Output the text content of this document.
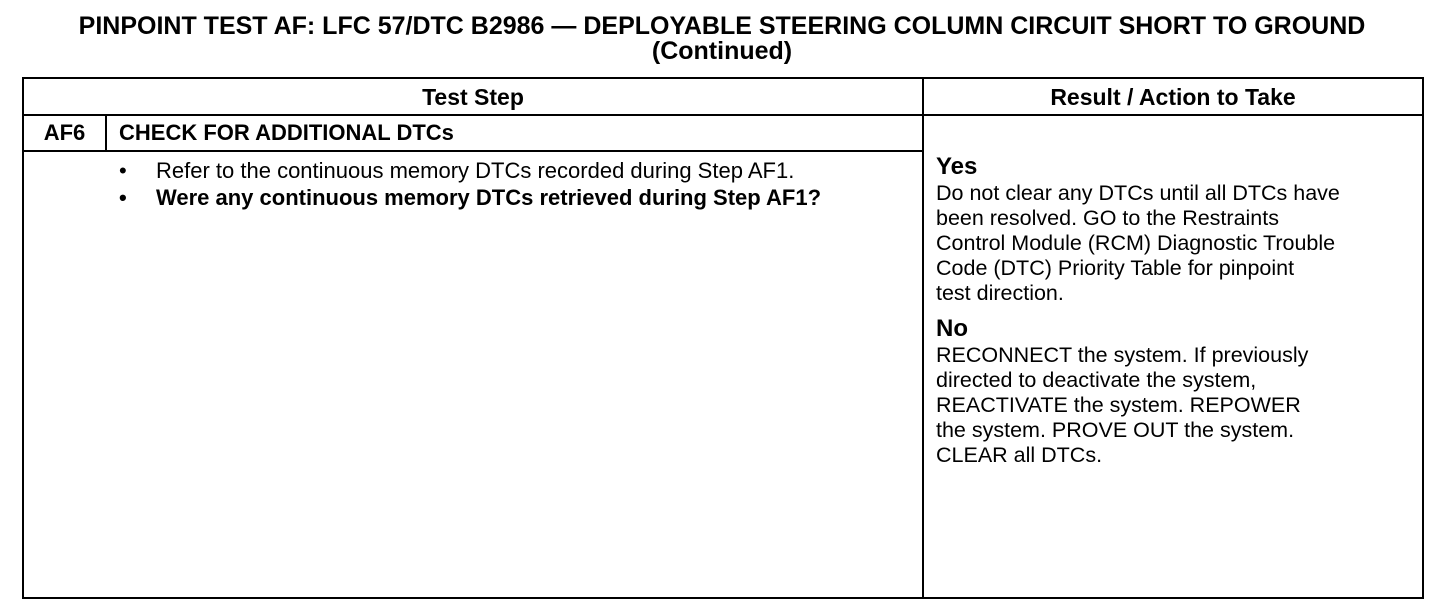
PINPOINT TEST AF: LFC 57/DTC B2986 — DEPLOYABLE STEERING COLUMN CIRCUIT SHORT TO GROUND (Continued)
Test Step	Result / Action to Take
AF6	CHECK FOR ADDITIONAL DTCs
• Refer to the continuous memory DTCs recorded during Step AF1.
• Were any continuous memory DTCs retrieved during Step AF1?
Yes
Do not clear any DTCs until all DTCs have
been resolved. GO to the Restraints
Control Module (RCM) Diagnostic Trouble
Code (DTC) Priority Table for pinpoint
test direction.
No
RECONNECT the system. If previously
directed to deactivate the system,
REACTIVATE the system. REPOWER
the system. PROVE OUT the system.
CLEAR all DTCs.
